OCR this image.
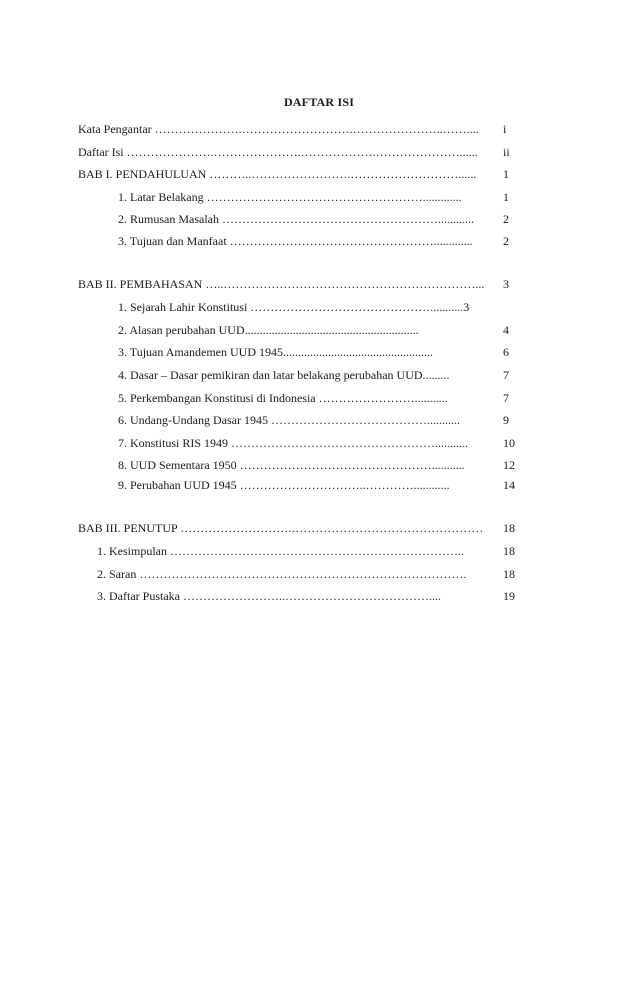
DAFTAR ISI
Kata Pengantar ………………….……………………….…………………..…….... i
Daftar Isi ………………….………………….……………….…………………...... ii
BAB I. PENDAHULUAN ………..…………………….………………………...... 1
1. Latar Belakang ……………………………………………….............	1
2. Rumusan Masalah ………………………………………………............ 2
3. Tujuan dan Manfaat …………………………………………….............	2
BAB II. PEMBAHASAN …..………………………………………………………... 3
1. Sejarah Lahir Konstitusi ………………………………………...........3
2. Alasan perubahan UUD..........................................................	4
3. Tujuan Amandemen UUD 1945..................................................	6
4. Dasar – Dasar pemikiran dan latar belakang perubahan UUD.........	7
5. Perkembangan Konstitusi di Indonesia ……………………...........	7
6. Undang-Undang Dasar 1945 …………………………………...........	9
7. Konstitusi RIS 1949 ……………………………………………...........	10
8. UUD Sementara 1950 …………………………………………...........	12
9. Perubahan UUD 1945 …………………………..…………............	14
BAB III. PENUTUP ……………………….………………………………………… 18
1. Kesimpulan ………………………………………………………………..	18
2. Saran ……………………………………………………………………….	18
3. Daftar Pustaka ……………………..………………………………....	19
